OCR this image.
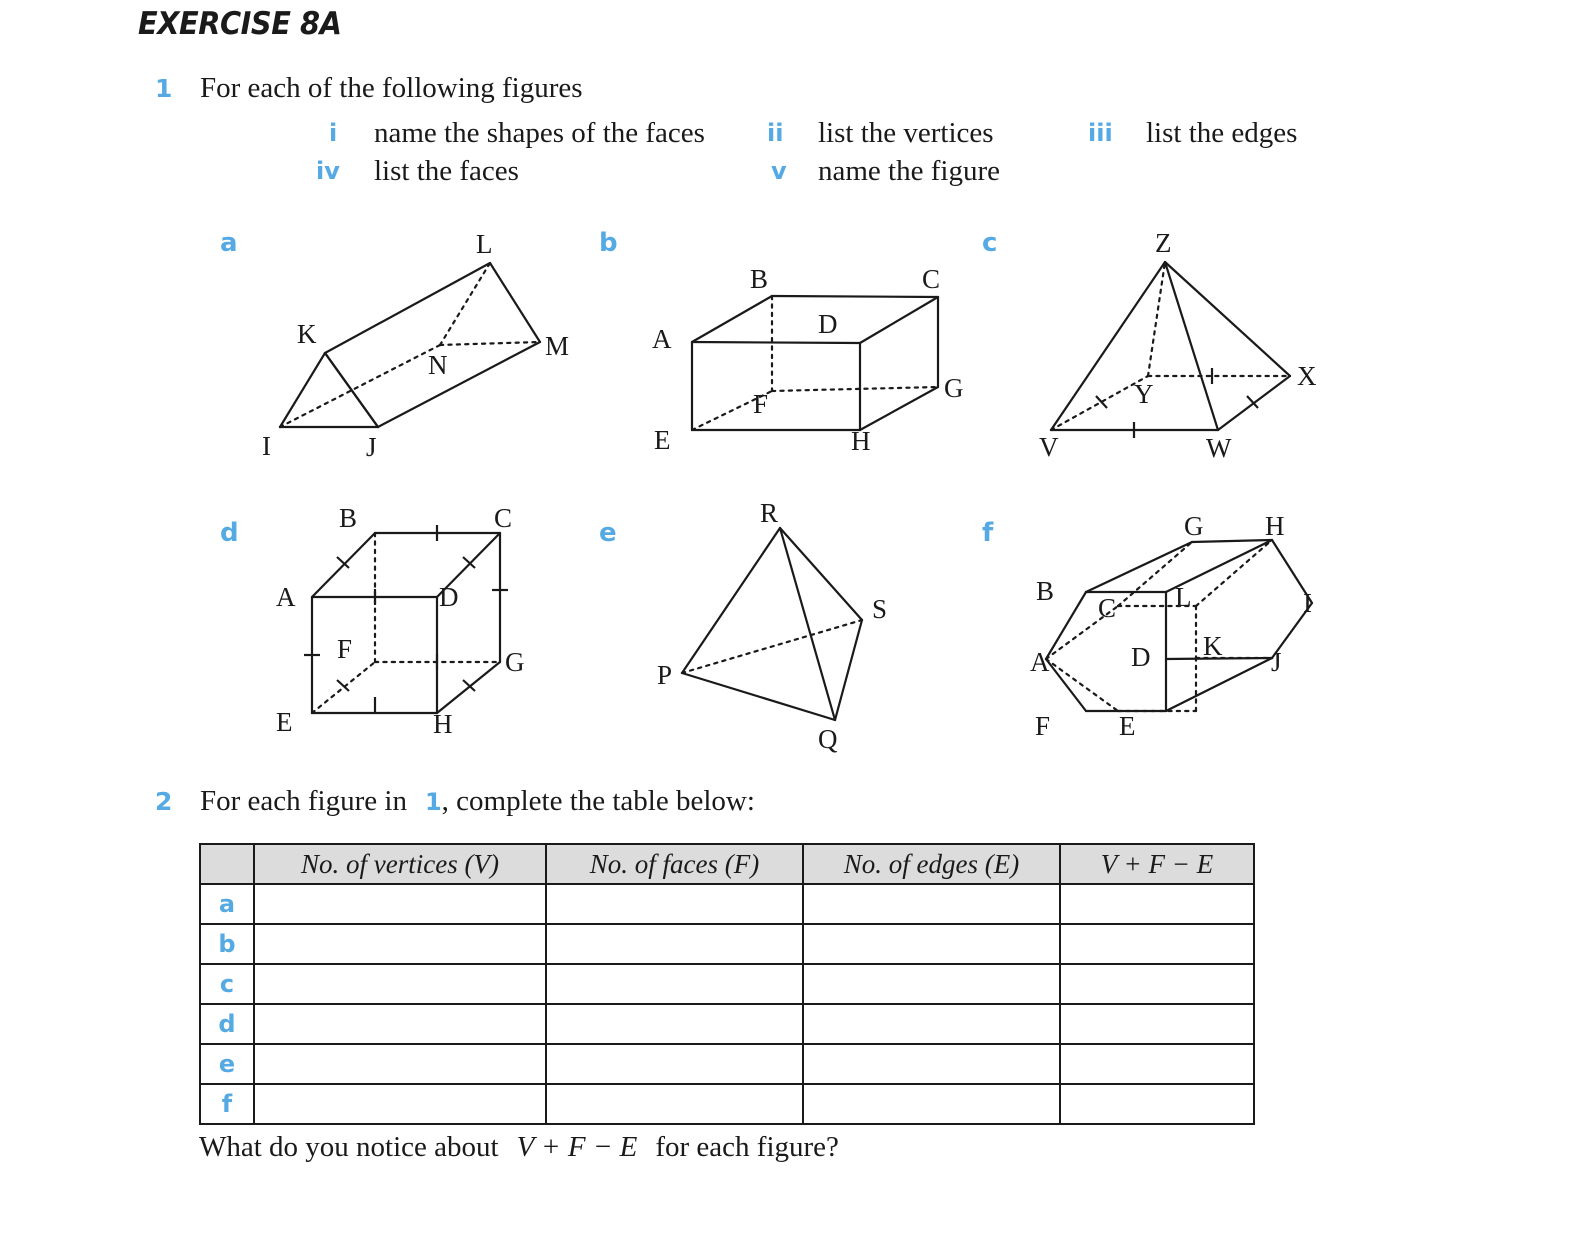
EXERCISE 8A
1 For each of the following figures
i name the shapes of the faces	ii list the vertices	iii list the edges
iv list the faces	v name the figure
a
I	J
K
L
M
N
b
A
B	C
D
E
F
G
H
c
V	W
X
Y
Z
d
A
B	C
D
E
F	G
H
e
P
Q
R
S
f
A
B
C
D
E
F
G H
I
J
K
L
2 For each figure in 1, complete the table below:
	No. of vertices (V)	No. of faces (F)	No. of edges (E)	V + F − E
a				
b				
c				
d				
e				
f				
What do you notice about V + F − E for each figure?
